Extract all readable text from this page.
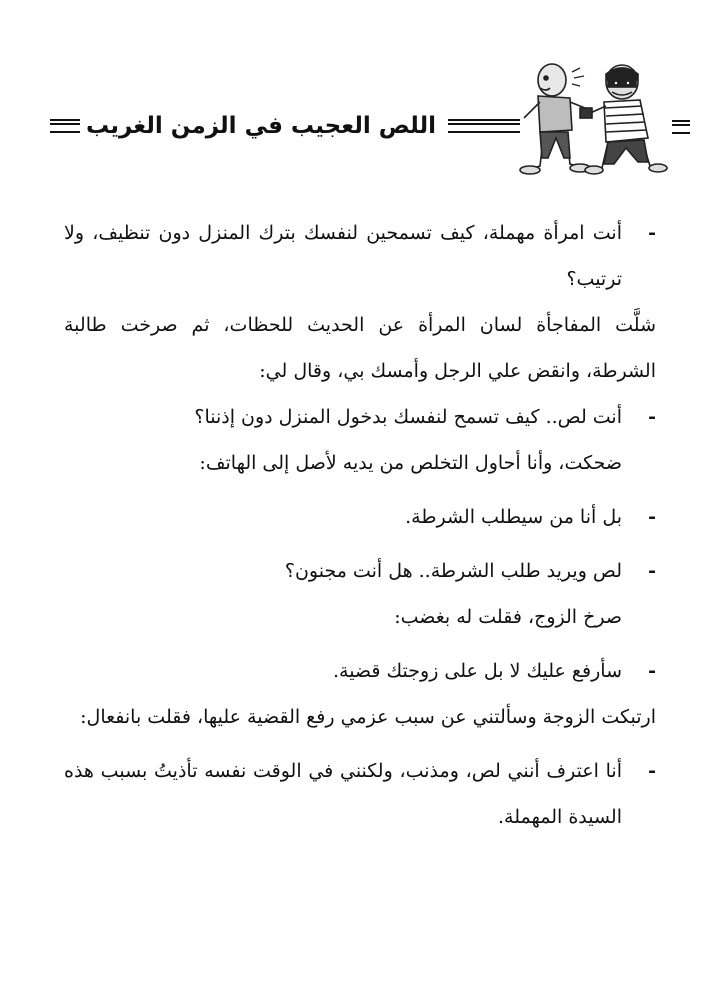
اللص العجيب في الزمن الغريب

-
أنت امرأة مهملة، كيف تسمحين لنفسك بترك المنزل دون تنظيف، ولا ترتيب؟

شلَّت المفاجأة لسان المرأة عن الحديث للحظات، ثم صرخت طالبة الشرطة، وانقض علي الرجل وأمسك بي، وقال لي:

-
أنت لص.. كيف تسمح لنفسك بدخول المنزل دون إذننا؟

ضحكت، وأنا أحاول التخلص من يديه لأصل إلى الهاتف:

-
بل أنا من سيطلب الشرطة.

-
لص ويريد طلب الشرطة.. هل أنت مجنون؟

صرخ الزوج، فقلت له بغضب:

-
سأرفع عليك لا بل على زوجتك قضية.

ارتبكت الزوجة وسألتني عن سبب عزمي رفع القضية عليها، فقلت بانفعال:

-
أنا اعترف أنني لص، ومذنب، ولكنني في الوقت نفسه تأذيتُ بسبب هذه السيدة المهملة.
